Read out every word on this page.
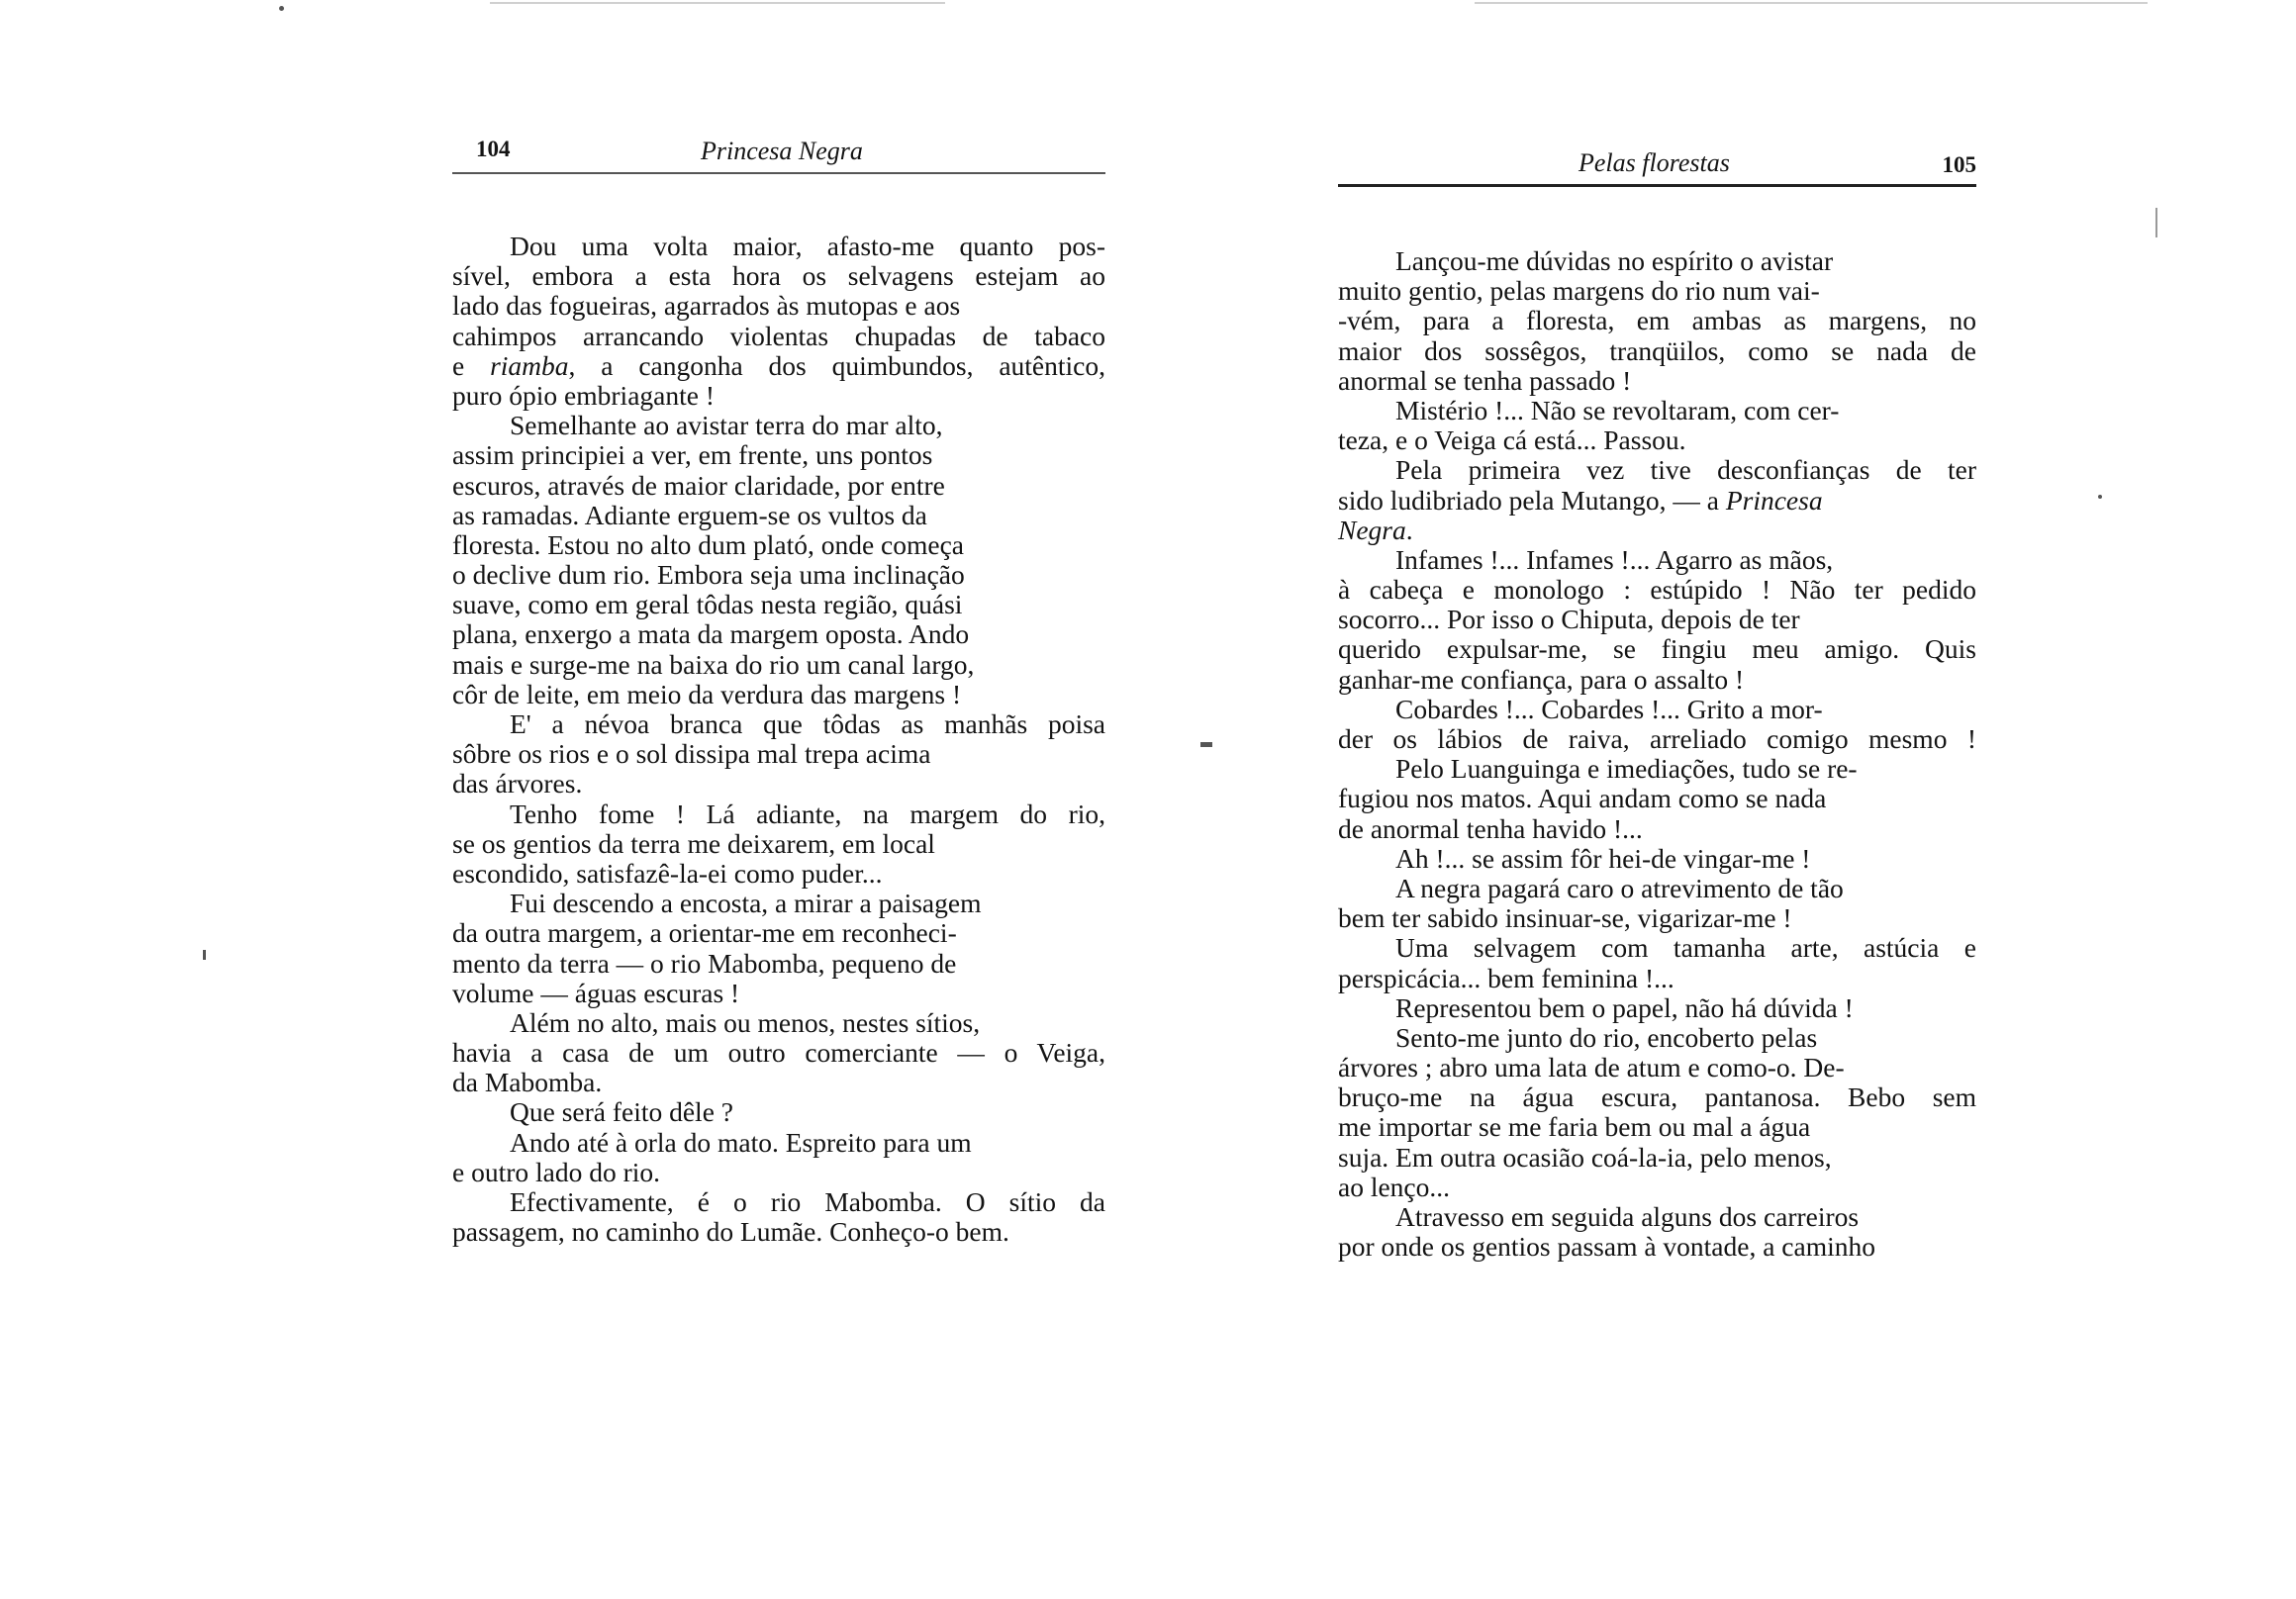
104	Princesa Negra
Dou uma volta maior, afasto-me quanto pos-
sível, embora a esta hora os selvagens estejam ao
lado das fogueiras, agarrados às mutopas e aos
cahimpos arrancando violentas chupadas de tabaco
e riamba, a cangonha dos quimbundos, autêntico,
puro ópio embriagante !
Semelhante ao avistar terra do mar alto,
assim principiei a ver, em frente, uns pontos
escuros, através de maior claridade, por entre
as ramadas. Adiante erguem-se os vultos da
floresta. Estou no alto dum plató, onde começa
o declive dum rio. Embora seja uma inclinação
suave, como em geral tôdas nesta região, quási
plana, enxergo a mata da margem oposta. Ando
mais e surge-me na baixa do rio um canal largo,
côr de leite, em meio da verdura das margens !
E' a névoa branca que tôdas as manhãs poisa
sôbre os rios e o sol dissipa mal trepa acima
das árvores.
Tenho fome ! Lá adiante, na margem do rio,
se os gentios da terra me deixarem, em local
escondido, satisfazê-la-ei como puder...
Fui descendo a encosta, a mirar a paisagem
da outra margem, a orientar-me em reconheci-
mento da terra — o rio Mabomba, pequeno de
volume — águas escuras !
Além no alto, mais ou menos, nestes sítios,
havia a casa de um outro comerciante — o Veiga,
da Mabomba.
Que será feito dêle ?
Ando até à orla do mato. Espreito para um
e outro lado do rio.
Efectivamente, é o rio Mabomba. O sítio da
passagem, no caminho do Lumãe. Conheço-o bem.
Pelas florestas	105
Lançou-me dúvidas no espírito o avistar
muito gentio, pelas margens do rio num vai-
-vém, para a floresta, em ambas as margens, no
maior dos sossêgos, tranqüilos, como se nada de
anormal se tenha passado !
Mistério !... Não se revoltaram, com cer-
teza, e o Veiga cá está... Passou.
Pela primeira vez tive desconfianças de ter
sido ludibriado pela Mutango, — a Princesa
Negra.
Infames !... Infames !... Agarro as mãos,
à cabeça e monologo : estúpido ! Não ter pedido
socorro... Por isso o Chiputa, depois de ter
querido expulsar-me, se fingiu meu amigo. Quis
ganhar-me confiança, para o assalto !
Cobardes !... Cobardes !... Grito a mor-
der os lábios de raiva, arreliado comigo mesmo !
Pelo Luanguinga e imediações, tudo se re-
fugiou nos matos. Aqui andam como se nada
de anormal tenha havido !...
Ah !... se assim fôr hei-de vingar-me !
A negra pagará caro o atrevimento de tão
bem ter sabido insinuar-se, vigarizar-me !
Uma selvagem com tamanha arte, astúcia e
perspicácia... bem feminina !...
Representou bem o papel, não há dúvida !
Sento-me junto do rio, encoberto pelas
árvores ; abro uma lata de atum e como-o. De-
bruço-me na água escura, pantanosa. Bebo sem
me importar se me faria bem ou mal a água
suja. Em outra ocasião coá-la-ia, pelo menos,
ao lenço...
Atravesso em seguida alguns dos carreiros
por onde os gentios passam à vontade, a caminho
